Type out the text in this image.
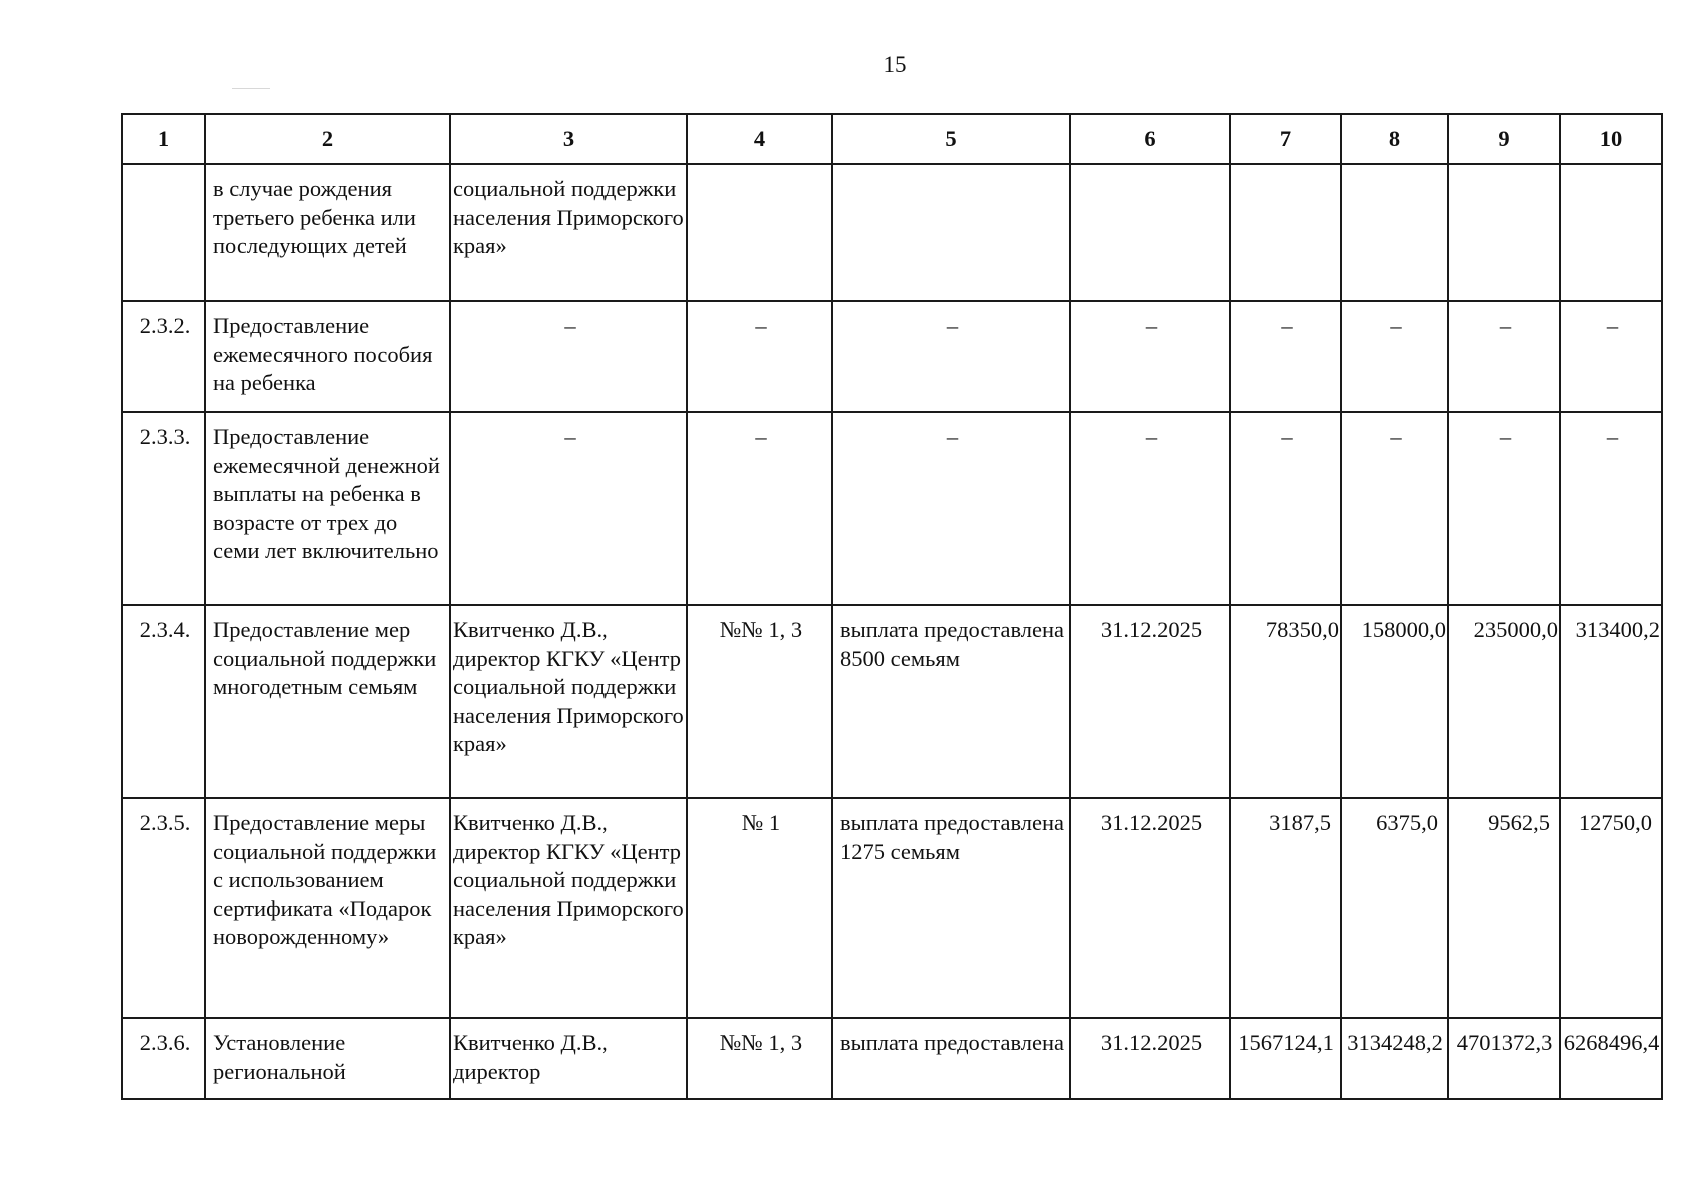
15
1	2	3	4	5	6	7	8	9	10
	в случае рождения третьего ребенка или последующих детей	социальной поддержки населения Приморского края»							
2.3.2.	Предоставление ежемесячного пособия на ребенка	–	–	–	–	–	–	–	–
2.3.3.	Предоставление ежемесячной денежной выплаты на ребенка в возрасте от трех до семи лет включительно	–	–	–	–	–	–	–	–
2.3.4.	Предоставление мер социальной поддержки многодетным семьям	Квитченко Д.В., директор КГКУ «Центр социальной поддержки населения Приморского края»	№№ 1, 3	выплата предоставлена 8500 семьям	31.12.2025	78350,0	158000,0	235000,0	313400,2
2.3.5.	Предоставление меры социальной поддержки с использованием сертификата «Подарок новорожденному»	Квитченко Д.В., директор КГКУ «Центр социальной поддержки населения Приморского края»	№ 1	выплата предоставлена 1275 семьям	31.12.2025	3187,5	6375,0	9562,5	12750,0
2.3.6.	Установление региональной	Квитченко Д.В., директор	№№ 1, 3	выплата предоставлена	31.12.2025	1567124,1	3134248,2	4701372,3	6268496,4
